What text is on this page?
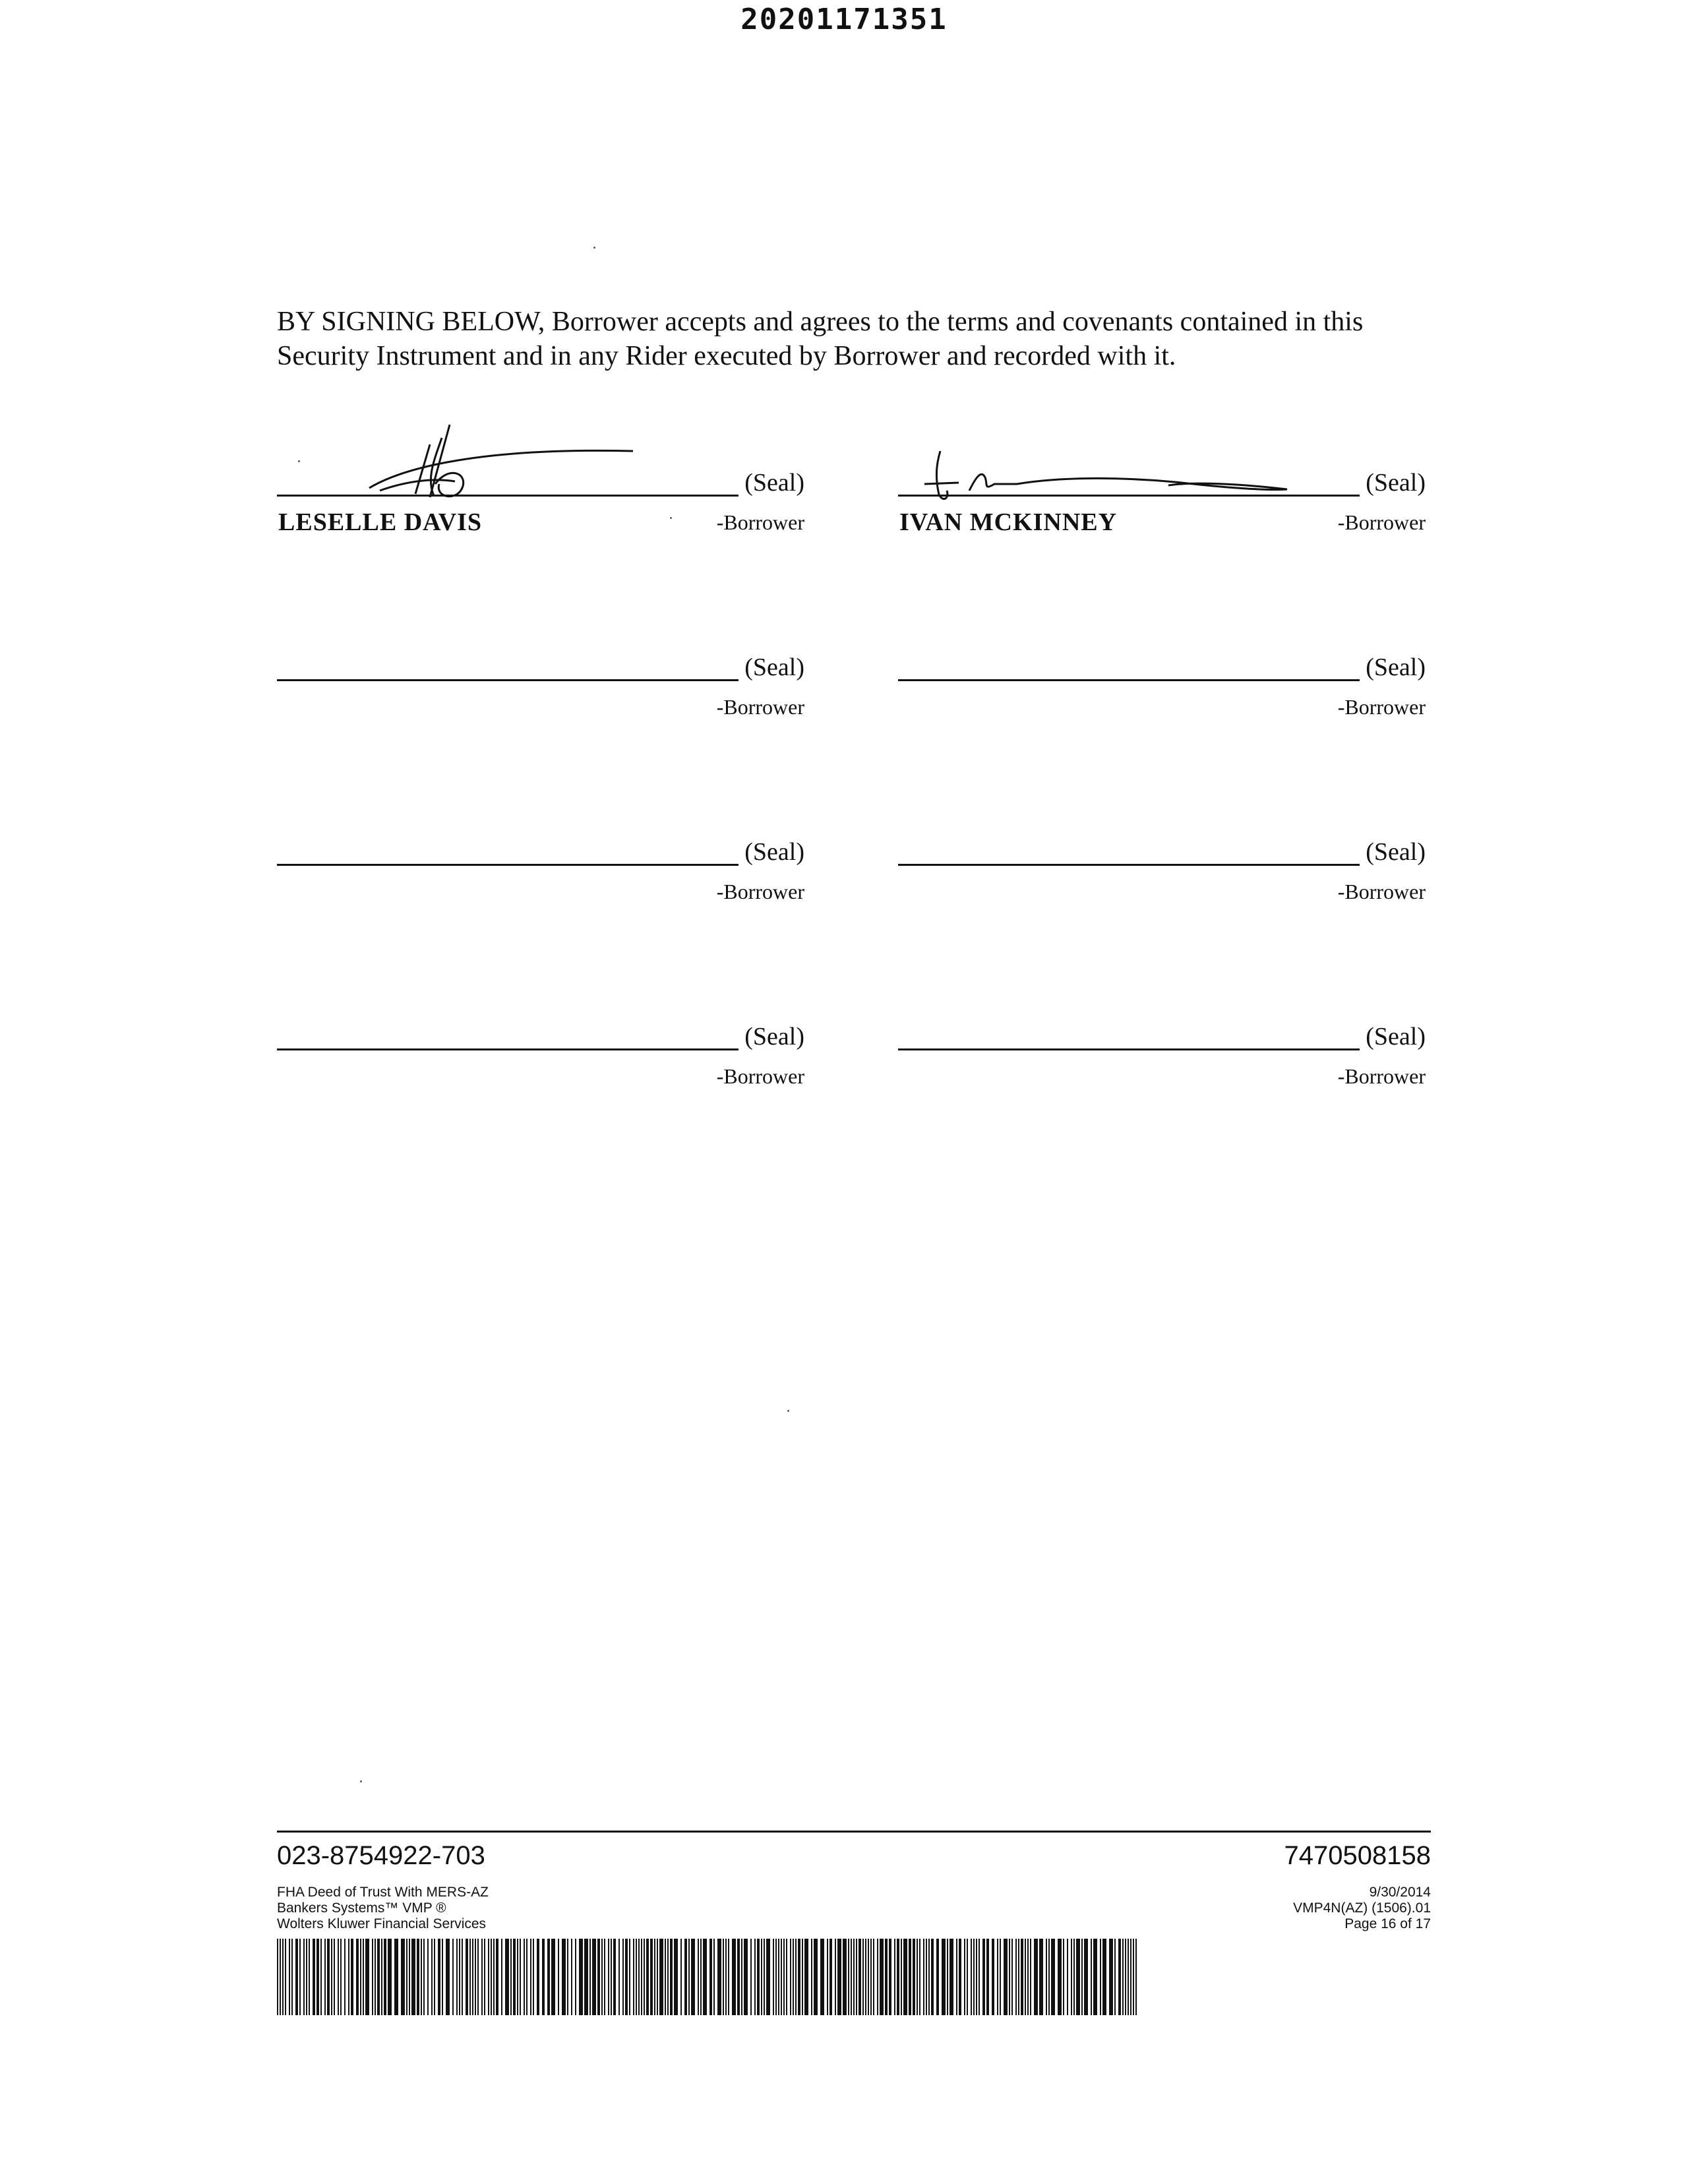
20201171351
BY SIGNING BELOW, Borrower accepts and agrees to the terms and covenants contained in this Security Instrument and in any Rider executed by Borrower and recorded with it.
(Seal)
LESELLE DAVIS	-Borrower
(Seal)
IVAN MCKINNEY	-Borrower
(Seal)
-Borrower
(Seal)
-Borrower
(Seal)
-Borrower
(Seal)
-Borrower
(Seal)
-Borrower
(Seal)
-Borrower
023-8754922-703	7470508158
FHA Deed of Trust With MERS-AZ
Bankers Systems™ VMP ®
Wolters Kluwer Financial Services
9/30/2014
VMP4N(AZ) (1506).01
Page 16 of 17
